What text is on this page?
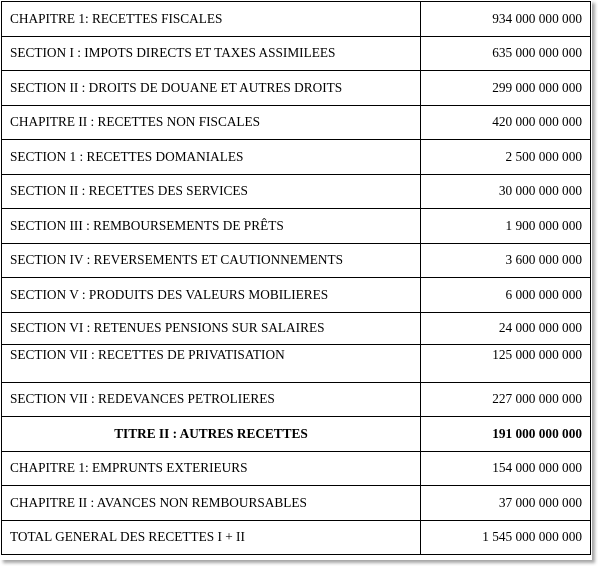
CHAPITRE 1: RECETTES FISCALES	934 000 000 000
SECTION I : IMPOTS DIRECTS ET TAXES ASSIMILEES	635 000 000 000
SECTION II : DROITS DE DOUANE ET AUTRES DROITS	299 000 000 000
CHAPITRE II : RECETTES NON FISCALES	420 000 000 000
SECTION 1 : RECETTES DOMANIALES	2 500 000 000
SECTION II : RECETTES DES SERVICES	30 000 000 000
SECTION III : REMBOURSEMENTS DE PRÊTS	1 900 000 000
SECTION IV : REVERSEMENTS ET CAUTIONNEMENTS	3 600 000 000
SECTION V : PRODUITS DES VALEURS MOBILIERES	6 000 000 000
SECTION VI : RETENUES PENSIONS SUR SALAIRES	24 000 000 000
SECTION VII : RECETTES DE PRIVATISATION	125 000 000 000
SECTION VII : REDEVANCES PETROLIERES	227 000 000 000
TITRE II : AUTRES RECETTES	191 000 000 000
CHAPITRE 1: EMPRUNTS EXTERIEURS	154 000 000 000
CHAPITRE II : AVANCES NON REMBOURSABLES	37 000 000 000
TOTAL GENERAL DES RECETTES I + II	1 545 000 000 000
